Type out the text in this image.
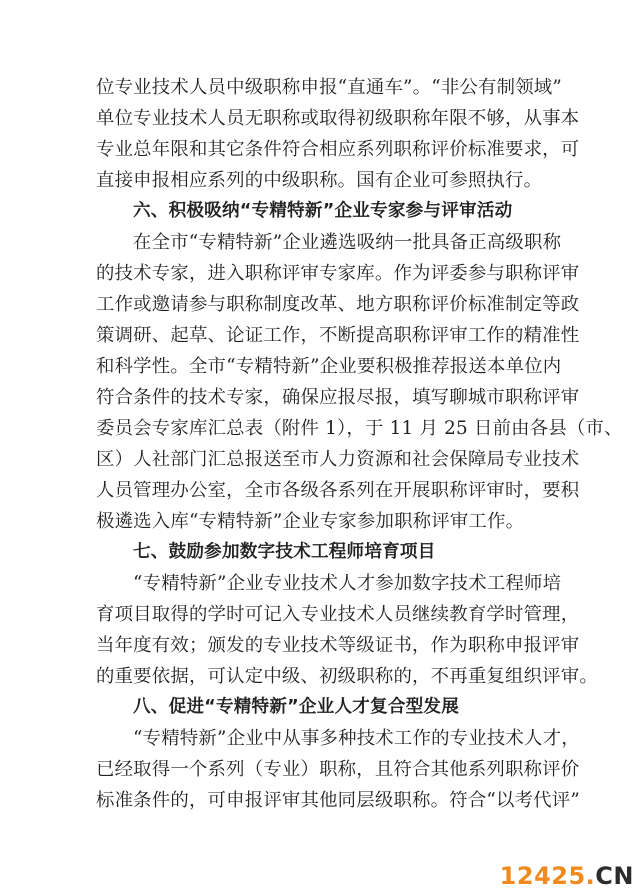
位专业技术人员中级职称申报“直通车”。“非公有制领域”
单位专业技术人员无职称或取得初级职称年限不够，从事本
专业总年限和其它条件符合相应系列职称评价标准要求，可
直接申报相应系列的中级职称。国有企业可参照执行。
六、积极吸纳“专精特新”企业专家参与评审活动
在全市“专精特新”企业遴选吸纳一批具备正高级职称
的技术专家，进入职称评审专家库。作为评委参与职称评审
工作或邀请参与职称制度改革、地方职称评价标准制定等政
策调研、起草、论证工作，不断提高职称评审工作的精准性
和科学性。全市“专精特新”企业要积极推荐报送本单位内
符合条件的技术专家，确保应报尽报，填写聊城市职称评审
委员会专家库汇总表（附件 1），于 11 月 25 日前由各县（市、
区）人社部门汇总报送至市人力资源和社会保障局专业技术
人员管理办公室，全市各级各系列在开展职称评审时，要积
极遴选入库“专精特新”企业专家参加职称评审工作。
七、鼓励参加数字技术工程师培育项目
“专精特新”企业专业技术人才参加数字技术工程师培
育项目取得的学时可记入专业技术人员继续教育学时管理，
当年度有效；颁发的专业技术等级证书，作为职称申报评审
的重要依据，可认定中级、初级职称的，不再重复组织评审。
八、促进“专精特新”企业人才复合型发展
“专精特新”企业中从事多种技术工作的专业技术人才，
已经取得一个系列（专业）职称，且符合其他系列职称评价
标准条件的，可申报评审其他同层级职称。符合“以考代评”
12425.CN
